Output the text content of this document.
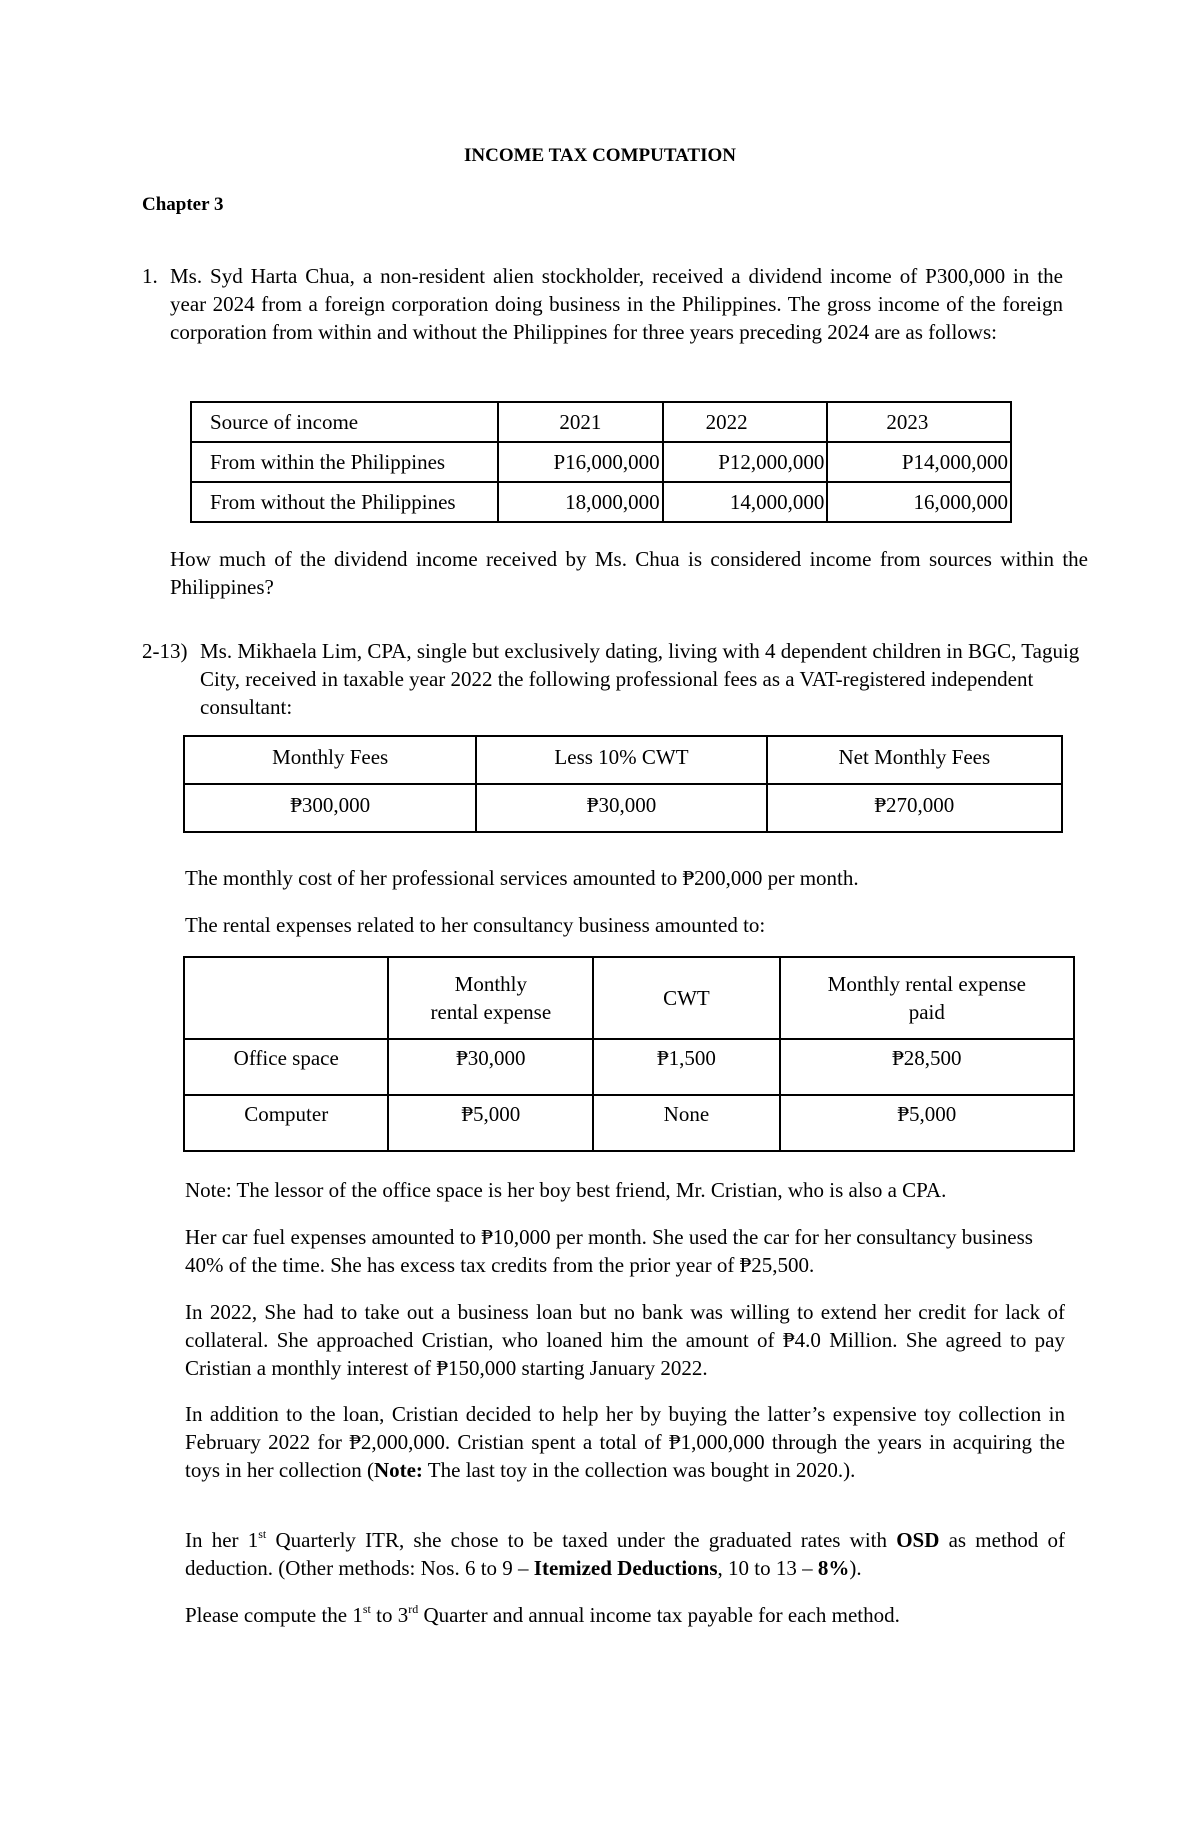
INCOME TAX COMPUTATION
Chapter 3
1. Ms. Syd Harta Chua, a non-resident alien stockholder, received a dividend income of P300,000 in the year 2024 from a foreign corporation doing business in the Philippines. The gross income of the foreign corporation from within and without the Philippines for three years preceding 2024 are as follows:

Source of income	2021	2022	2023
From within the Philippines	P16,000,000	P12,000,000	P14,000,000
From without the Philippines	18,000,000	14,000,000	16,000,000

How much of the dividend income received by Ms. Chua is considered income from sources within the Philippines?

2-13) Ms. Mikhaela Lim, CPA, single but exclusively dating, living with 4 dependent children in BGC, Taguig City, received in taxable year 2022 the following professional fees as a VAT-registered independent consultant:

Monthly Fees	Less 10% CWT	Net Monthly Fees
₱300,000	₱30,000	₱270,000

The monthly cost of her professional services amounted to ₱200,000 per month.

The rental expenses related to her consultancy business amounted to:

	Monthly rental expense	CWT	Monthly rental expense paid
Office space	₱30,000	₱1,500	₱28,500
Computer	₱5,000	None	₱5,000

Note: The lessor of the office space is her boy best friend, Mr. Cristian, who is also a CPA.

Her car fuel expenses amounted to ₱10,000 per month. She used the car for her consultancy business 40% of the time. She has excess tax credits from the prior year of ₱25,500.

In 2022, She had to take out a business loan but no bank was willing to extend her credit for lack of collateral. She approached Cristian, who loaned him the amount of ₱4.0 Million. She agreed to pay Cristian a monthly interest of ₱150,000 starting January 2022.

In addition to the loan, Cristian decided to help her by buying the latter’s expensive toy collection in February 2022 for ₱2,000,000. Cristian spent a total of ₱1,000,000 through the years in acquiring the toys in her collection (Note: The last toy in the collection was bought in 2020.).

In her 1st Quarterly ITR, she chose to be taxed under the graduated rates with OSD as method of deduction. (Other methods: Nos. 6 to 9 – Itemized Deductions, 10 to 13 – 8%).

Please compute the 1st to 3rd Quarter and annual income tax payable for each method.
